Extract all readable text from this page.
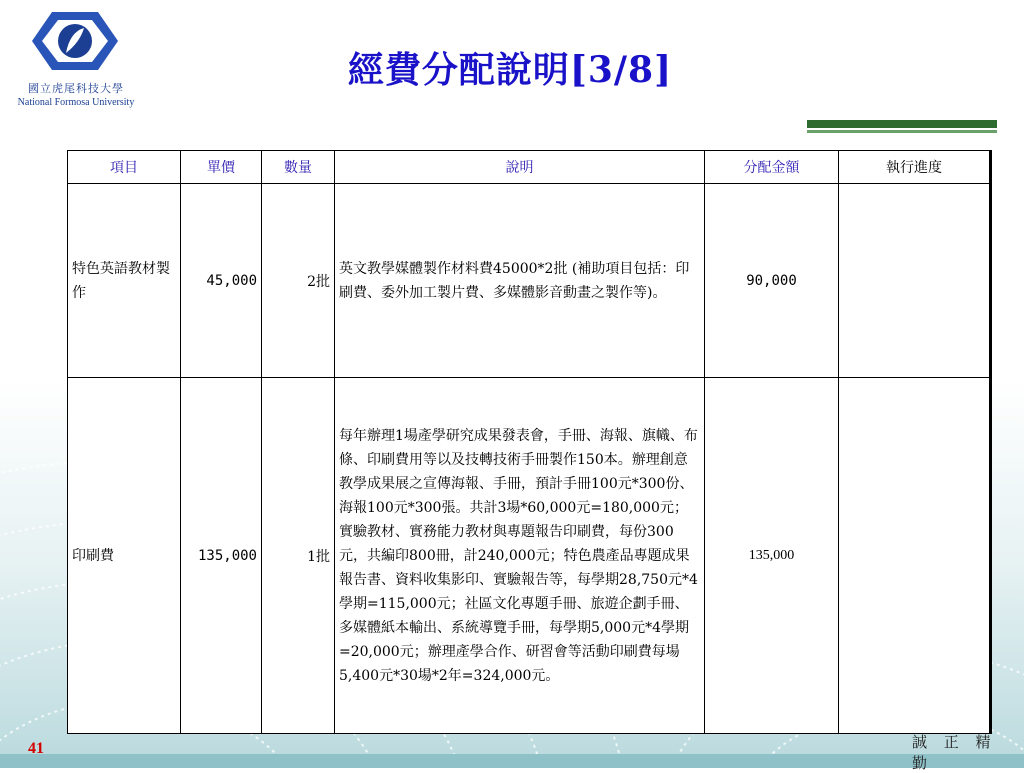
國立虎尾科技大學
National Formosa University
經費分配說明[3/8]
項目	單價	數量	說明	分配金額	執行進度
特色英語教材製作	45,000	2批	英文教學媒體製作材料費45000*2批 (補助項目包括：印刷費、委外加工製片費、多媒體影音動畫之製作等)。	90,000	
印刷費	135,000	1批	每年辦理1場產學研究成果發表會，手冊、海報、旗幟、布條、印刷費用等以及技轉技術手冊製作150本。辦理創意教學成果展之宣傳海報、手冊，預計手冊100元*300份、海報100元*300張。共計3場*60,000元=180,000元；實驗教材、實務能力教材與專題報告印刷費，每份300元，共編印800冊，計240,000元；特色農產品專題成果報告書、資料收集影印、實驗報告等，每學期28,750元*4學期=115,000元；社區文化專題手冊、旅遊企劃手冊、多媒體紙本輸出、系統導覽手冊，每學期5,000元*4學期=20,000元；辦理產學合作、研習會等活動印刷費每場5,400元*30場*2年=324,000元。	135,000	
41	誠 正 精 勤
